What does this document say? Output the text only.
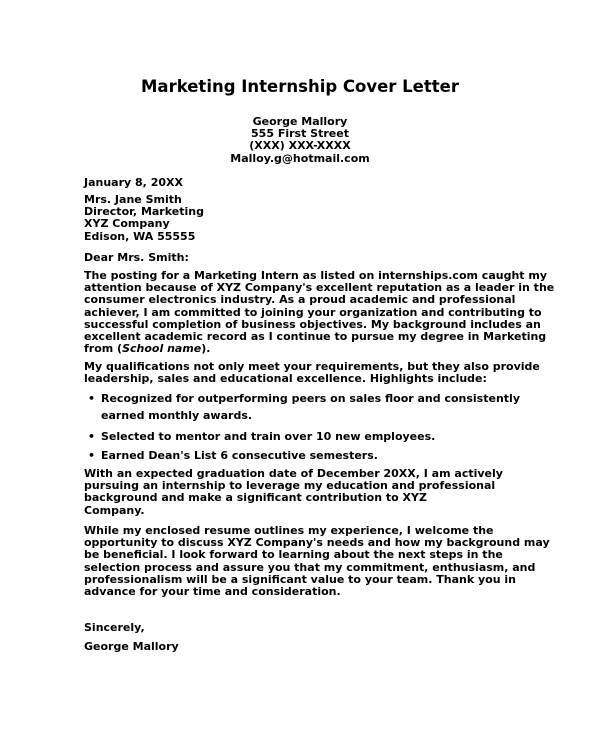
Marketing Internship Cover Letter
George Mallory
555 First Street
(XXX) XXX-XXXX
Malloy.g@hotmail.com
January 8, 20XX
Mrs. Jane Smith
Director, Marketing
XYZ Company
Edison, WA 55555
Dear Mrs. Smith:
The posting for a Marketing Intern as listed on internships.com caught my
attention because of XYZ Company's excellent reputation as a leader in the
consumer electronics industry. As a proud academic and professional
achiever, I am committed to joining your organization and contributing to
successful completion of business objectives. My background includes an
excellent academic record as I continue to pursue my degree in Marketing
from (School name).
My qualifications not only meet your requirements, but they also provide
leadership, sales and educational excellence. Highlights include:
• Recognized for outperforming peers on sales floor and consistently
earned monthly awards.
• Selected to mentor and train over 10 new employees.
• Earned Dean's List 6 consecutive semesters.
With an expected graduation date of December 20XX, I am actively
pursuing an internship to leverage my education and professional
background and make a significant contribution to XYZ
Company.
While my enclosed resume outlines my experience, I welcome the
opportunity to discuss XYZ Company's needs and how my background may
be beneficial. I look forward to learning about the next steps in the
selection process and assure you that my commitment, enthusiasm, and
professionalism will be a significant value to your team. Thank you in
advance for your time and consideration.
Sincerely,
George Mallory
